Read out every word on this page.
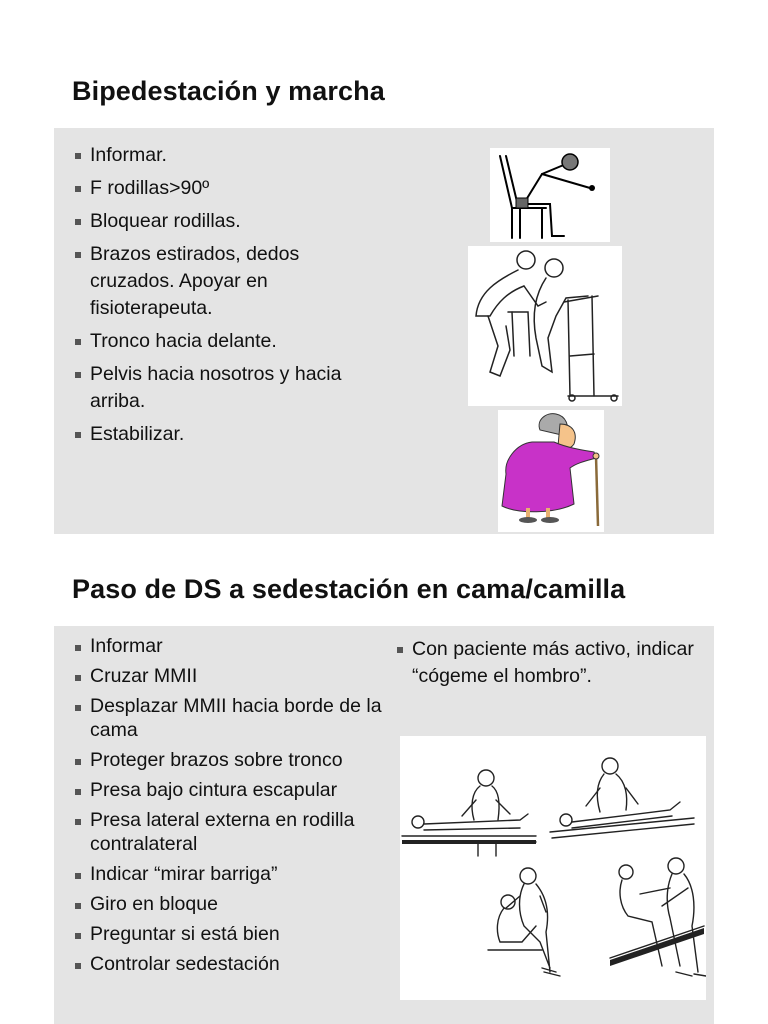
Bipedestación y marcha
Informar.
F rodillas>90º
Bloquear rodillas.
Brazos estirados, dedos cruzados. Apoyar en fisioterapeuta.
Tronco hacia delante.
Pelvis hacia nosotros y hacia arriba.
Estabilizar.
Paso de DS a sedestación en cama/camilla
Informar
Cruzar MMII
Desplazar MMII hacia borde de la cama
Proteger brazos sobre tronco
Presa bajo cintura escapular
Presa lateral externa en rodilla contralateral
Indicar “mirar barriga”
Giro en bloque
Preguntar si está bien
Controlar sedestación
Con paciente más activo, indicar “cógeme el hombro”.
